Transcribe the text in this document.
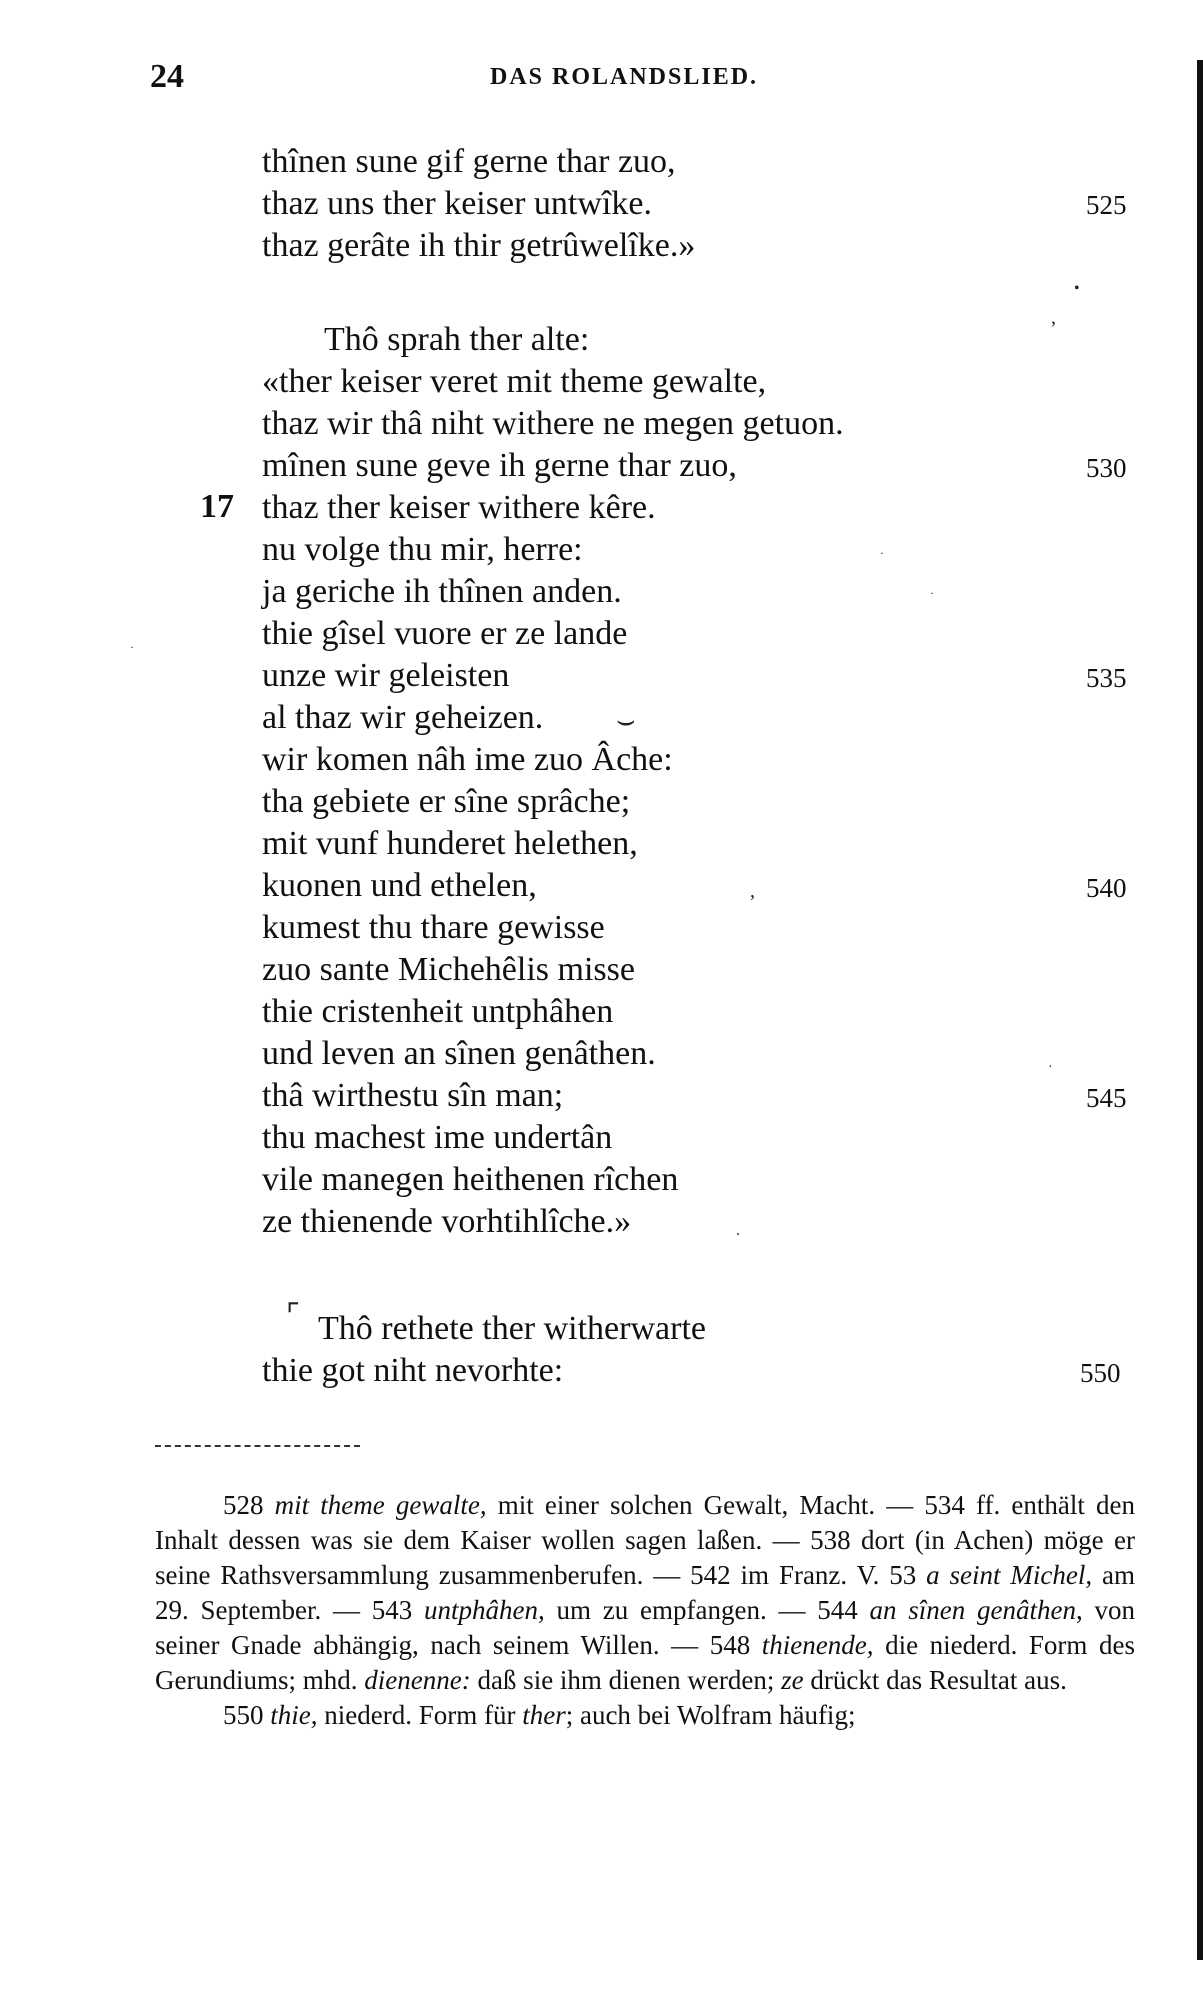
24	DAS ROLANDSLIED.
thînen sune gif gerne thar zuo,
thaz uns ther keiser untwîke.
thaz gerâte ih thir getrûwelîke.»
Thô sprah ther alte:
«ther keiser veret mit theme gewalte,
thaz wir thâ niht withere ne megen getuon.
mînen sune geve ih gerne thar zuo,
thaz ther keiser withere kêre.
nu volge thu mir, herre:
ja geriche ih thînen anden.
thie gîsel vuore er ze lande
unze wir geleisten
al thaz wir geheizen.
wir komen nâh ime zuo Âche:
tha gebiete er sîne sprâche;
mit vunf hunderet helethen,
kuonen und ethelen,
kumest thu thare gewisse
zuo sante Michehêlis misse
thie cristenheit untphâhen
und leven an sînen genâthen.
thâ wirthestu sîn man;
thu machest ime undertân
vile manegen heithenen rîchen
ze thienende vorhtihlîche.»
Thô rethete ther witherwarte
thie got niht nevorhte:
17
525
530
535
540
545
550
•
ʼ
·
·
·
⌣
,
·
.
⌜

528 mit theme gewalte, mit einer solchen Gewalt, Macht. — 534 ff. enthält den Inhalt dessen was sie dem Kaiser wollen sagen laßen. — 538 dort (in Achen) möge er seine Rathsversammlung zusammenberufen. — 542 im Franz. V. 53 a seint Michel, am 29. September. — 543 untphâhen, um zu empfangen. — 544 an sînen genâthen, von seiner Gnade abhängig, nach seinem Willen. — 548 thienende, die niederd. Form des Gerundiums; mhd. dienenne: daß sie ihm dienen werden; ze drückt das Resultat aus.

550 thie, niederd. Form für ther; auch bei Wolfram häufig;
